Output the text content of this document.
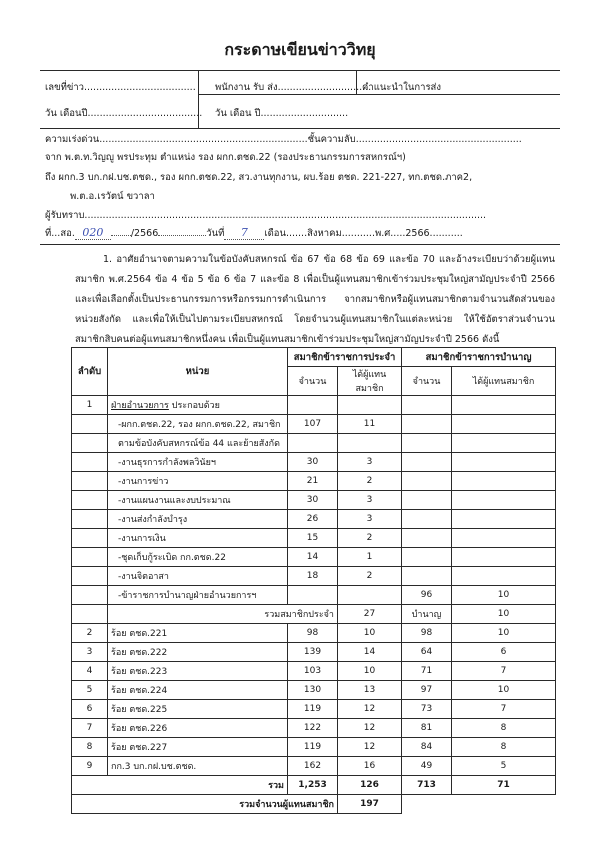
กระดาษเขียนข่าววิทยุ
เลขที่ข่าว..................................... พนักงาน รับ ส่ง...............................
คำแนะนำในการส่ง
วัน เดือนปี...................................... วัน เดือน ปี.............................
ความเร่งด่วน.....................................................................ชั้นความลับ.......................................................
จาก พ.ต.ท.วิญญู พรประทุม ตำแหน่ง รอง ผกก.ตชด.22 (รองประธานกรรมการสหกรณ์ฯ)
ถึง ผกก.3 บก.กฝ.บช.ตชด., รอง ผกก.ตชด.22, สว.งานทุกงาน, ผบ.ร้อย ตชด. 221-227, ทก.ตชด.ภาค2,
พ.ต.อ.เรวัตน์ ขวาลา
ผู้รับทราบ.....................................................................................................................................
ที่...สอ. 020	/2566	วันที่ 7 เดือน.......สิงหาคม...........พ.ศ.....2566...........

1. อาศัยอำนาจตามความในข้อบังคับสหกรณ์ ข้อ 67 ข้อ 68 ข้อ 69 และข้อ 70 และอ้างระเบียบว่าด้วยผู้แทนสมาชิก พ.ศ.2564 ข้อ 4 ข้อ 5 ข้อ 6 ข้อ 7 และข้อ 8 เพื่อเป็นผู้แทนสมาชิกเข้าร่วมประชุมใหญ่สามัญประจำปี 2566 และเพื่อเลือกตั้งเป็นประธานกรรมการหรือกรรมการดำเนินการ จากสมาชิกหรือผู้แทนสมาชิกตามจำนวนสัดส่วนของหน่วยสังกัด และเพื่อให้เป็นไปตามระเบียบสหกรณ์ โดยจำนวนผู้แทนสมาชิกในแต่ละหน่วย ให้ใช้อัตราส่วนจำนวนสมาชิกสิบคนต่อผู้แทนสมาชิกหนึ่งคน เพื่อเป็นผู้แทนสมาชิกเข้าร่วมประชุมใหญ่สามัญประจำปี 2566 ดังนี้

ลำดับ	หน่วย	สมาชิกข้าราชการประจำ		สมาชิกข้าราชการบำนาญ	
		จำนวน	ได้ผู้แทนสมาชิก	จำนวน	ได้ผู้แทนสมาชิก
1	ฝ่ายอำนวยการ ประกอบด้วย				
	-ผกก.ตชด.22, รอง ผกก.ตชด.22, สมาชิก	107	11		
	ตามข้อบังคับสหกรณ์ข้อ 44 และย้ายสังกัด				
	-งานธุรการกำลังพลวินัยฯ	30	3		
	-งานการข่าว	21	2		
	-งานแผนงานและงบประมาณ	30	3		
	-งานส่งกำลังบำรุง	26	3		
	-งานการเงิน	15	2		
	-ชุดเก็บกู้ระเบิด กก.ตชด.22	14	1		
	-งานจิตอาสา	18	2		
	-ข้าราชการบำนาญฝ่ายอำนวยการฯ			96	10
	รวมสมาชิกประจำ		27	บำนาญ	10
2	ร้อย ตชด.221	98	10	98	10
3	ร้อย ตชด.222	139	14	64	6
4	ร้อย ตชด.223	103	10	71	7
5	ร้อย ตชด.224	130	13	97	10
6	ร้อย ตชด.225	119	12	73	7
7	ร้อย ตชด.226	122	12	81	8
8	ร้อย ตชด.227	119	12	84	8
9	กก.3 บก.กฝ.บช.ตชด.	162	16	49	5
รวม		1,253	126	713	71
รวมจำนวนผู้แทนสมาชิก			197		
